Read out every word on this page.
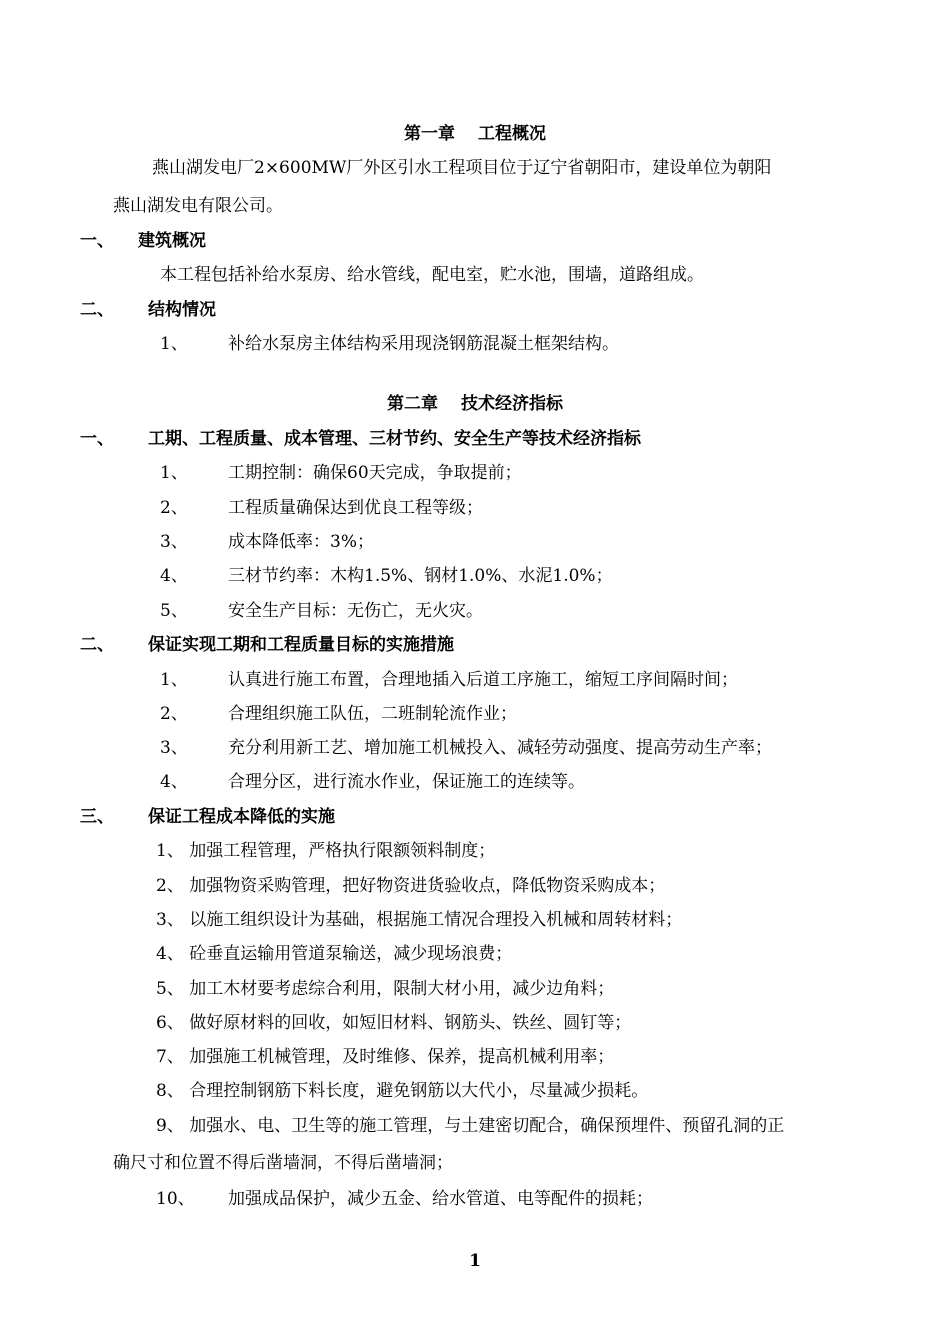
第一章　 工程概况
燕山湖发电厂2×600MW厂外区引水工程项目位于辽宁省朝阳市，建设单位为朝阳
燕山湖发电有限公司。
一、 建筑概况
本工程包括补给水泵房、给水管线，配电室，贮水池，围墙，道路组成。
二、 结构情况
1、 补给水泵房主体结构采用现浇钢筋混凝土框架结构。
第二章　 技术经济指标
一、 工期、工程质量、成本管理、三材节约、安全生产等技术经济指标
1、 工期控制：确保60天完成，争取提前；
2、 工程质量确保达到优良工程等级；
3、 成本降低率：3%；
4、 三材节约率：木构1.5%、钢材1.0%、水泥1.0%；
5、 安全生产目标：无伤亡，无火灾。
二、 保证实现工期和工程质量目标的实施措施
1、 认真进行施工布置，合理地插入后道工序施工，缩短工序间隔时间；
2、 合理组织施工队伍，二班制轮流作业；
3、 充分利用新工艺、增加施工机械投入、减轻劳动强度、提高劳动生产率；
4、 合理分区，进行流水作业，保证施工的连续等。
三、 保证工程成本降低的实施
1、 加强工程管理，严格执行限额领料制度；
2、 加强物资采购管理，把好物资进货验收点，降低物资采购成本；
3、 以施工组织设计为基础，根据施工情况合理投入机械和周转材料；
4、 砼垂直运输用管道泵输送，减少现场浪费；
5、 加工木材要考虑综合利用，限制大材小用，减少边角料；
6、 做好原材料的回收，如短旧材料、钢筋头、铁丝、圆钉等；
7、 加强施工机械管理，及时维修、保养，提高机械利用率；
8、 合理控制钢筋下料长度，避免钢筋以大代小，尽量减少损耗。
9、 加强水、电、卫生等的施工管理，与土建密切配合，确保预埋件、预留孔洞的正
确尺寸和位置不得后凿墙洞，不得后凿墙洞；
10、 加强成品保护，减少五金、给水管道、电等配件的损耗；
1
